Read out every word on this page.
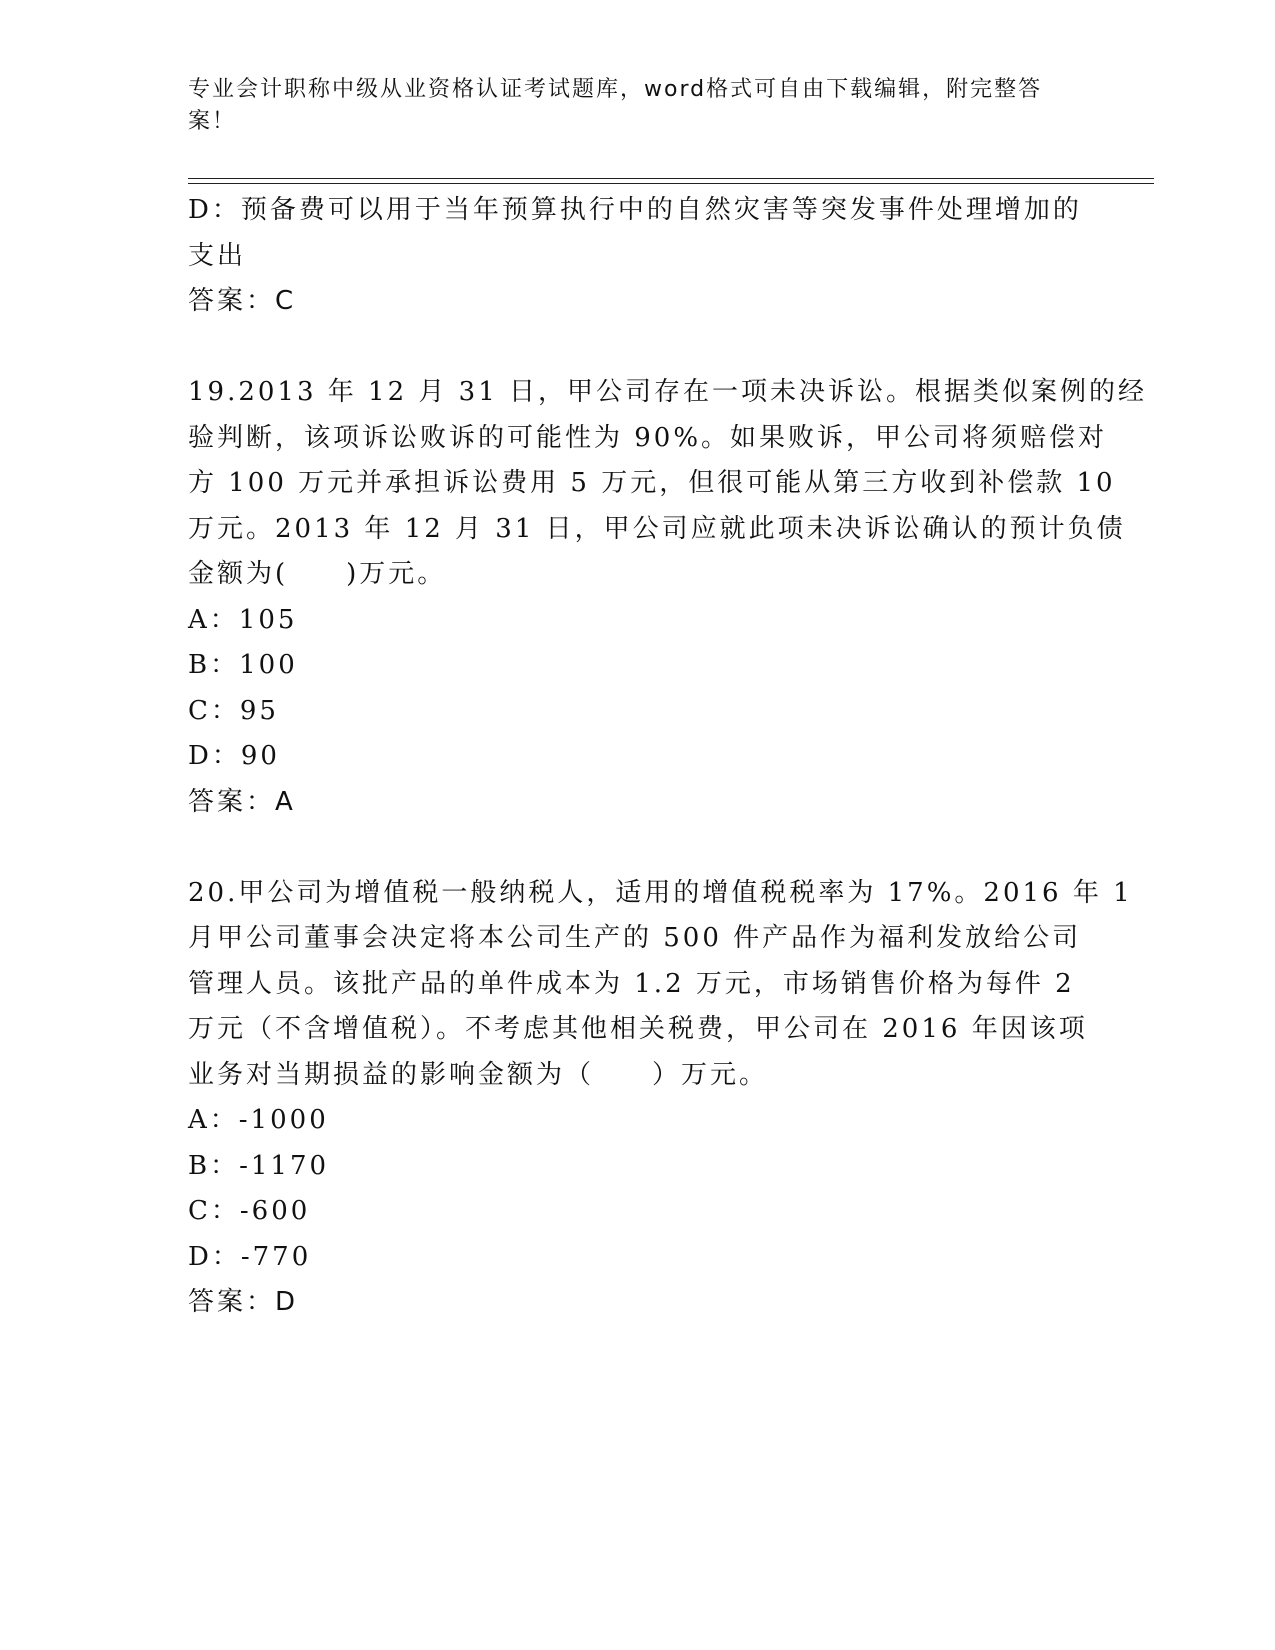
专业会计职称中级从业资格认证考试题库，word格式可自由下载编辑，附完整答
案！
D：预备费可以用于当年预算执行中的自然灾害等突发事件处理增加的
支出
答案：C
19.2013 年 12 月 31 日，甲公司存在一项未决诉讼。根据类似案例的经
验判断，该项诉讼败诉的可能性为 90%。如果败诉，甲公司将须赔偿对
方 100 万元并承担诉讼费用 5 万元，但很可能从第三方收到补偿款 10
万元。2013 年 12 月 31 日，甲公司应就此项未决诉讼确认的预计负债
金额为(　　)万元。
A：105
B：100
C：95
D：90
答案：A
20.甲公司为增值税一般纳税人，适用的增值税税率为 17%。2016 年 1
月甲公司董事会决定将本公司生产的 500 件产品作为福利发放给公司
管理人员。该批产品的单件成本为 1.2 万元，市场销售价格为每件 2
万元（不含增值税）。不考虑其他相关税费，甲公司在 2016 年因该项
业务对当期损益的影响金额为（　　）万元。
A：-1000
B：-1170
C：-600
D：-770
答案：D
